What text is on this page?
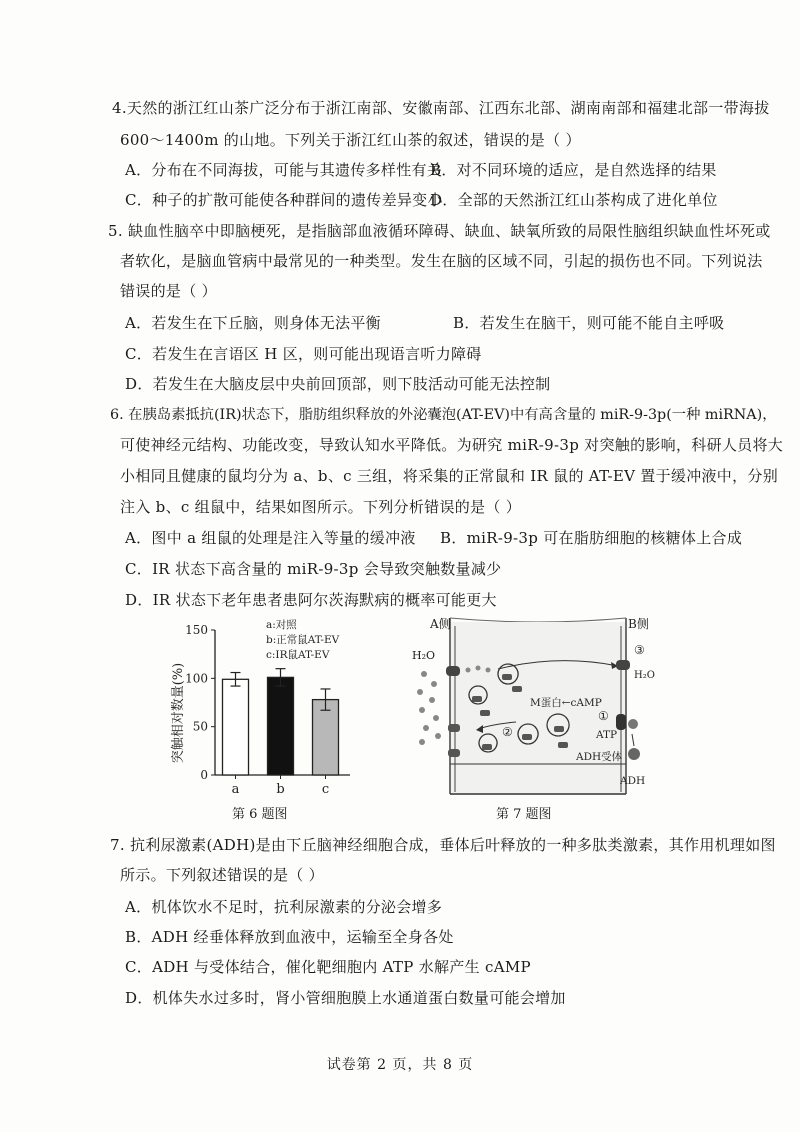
4.天然的浙江红山茶广泛分布于浙江南部、安徽南部、江西东北部、湖南南部和福建北部一带海拔
600～1400m 的山地。下列关于浙江红山茶的叙述，错误的是（ ）
A．分布在不同海拔，可能与其遗传多样性有关
B．对不同环境的适应，是自然选择的结果
C．种子的扩散可能使各种群间的遗传差异变小
D．全部的天然浙江红山茶构成了进化单位
5. 缺血性脑卒中即脑梗死，是指脑部血液循环障碍、缺血、缺氧所致的局限性脑组织缺血性坏死或
者软化，是脑血管病中最常见的一种类型。发生在脑的区域不同，引起的损伤也不同。下列说法
错误的是（ ）
A．若发生在下丘脑，则身体无法平衡	B．若发生在脑干，则可能不能自主呼吸
C．若发生在言语区 H 区，则可能出现语言听力障碍
D．若发生在大脑皮层中央前回顶部，则下肢活动可能无法控制
6. 在胰岛素抵抗(IR)状态下，脂肪组织释放的外泌囊泡(AT-EV)中有高含量的 miR-9-3p(一种 miRNA)，
可使神经元结构、功能改变，导致认知水平降低。为研究 miR-9-3p 对突触的影响，科研人员将大
小相同且健康的鼠均分为 a、b、c 三组，将采集的正常鼠和 IR 鼠的 AT-EV 置于缓冲液中，分别
注入 b、c 组鼠中，结果如图所示。下列分析错误的是（ ）
A．图中 a 组鼠的处理是注入等量的缓冲液 B．miR-9-3p 可在脂肪细胞的核糖体上合成
C．IR 状态下高含量的 miR-9-3p 会导致突触数量减少
D．IR 状态下老年患者患阿尔茨海默病的概率可能更大
突触相对数量(%)
0
50
100
150
a	b	c
a:对照
b:正常鼠AT-EV
c:IR鼠AT-EV
第 6 题图
A侧	B侧
H₂O	③
H₂O
②
M蛋白←cAMP
①
ATP
ADH受体
ADH
第 7 题图
7. 抗利尿激素(ADH)是由下丘脑神经细胞合成，垂体后叶释放的一种多肽类激素，其作用机理如图
所示。下列叙述错误的是（ ）
A．机体饮水不足时，抗利尿激素的分泌会增多
B．ADH 经垂体释放到血液中，运输至全身各处
C．ADH 与受体结合，催化靶细胞内 ATP 水解产生 cAMP
D．机体失水过多时，肾小管细胞膜上水通道蛋白数量可能会增加
试卷第 2 页，共 8 页
